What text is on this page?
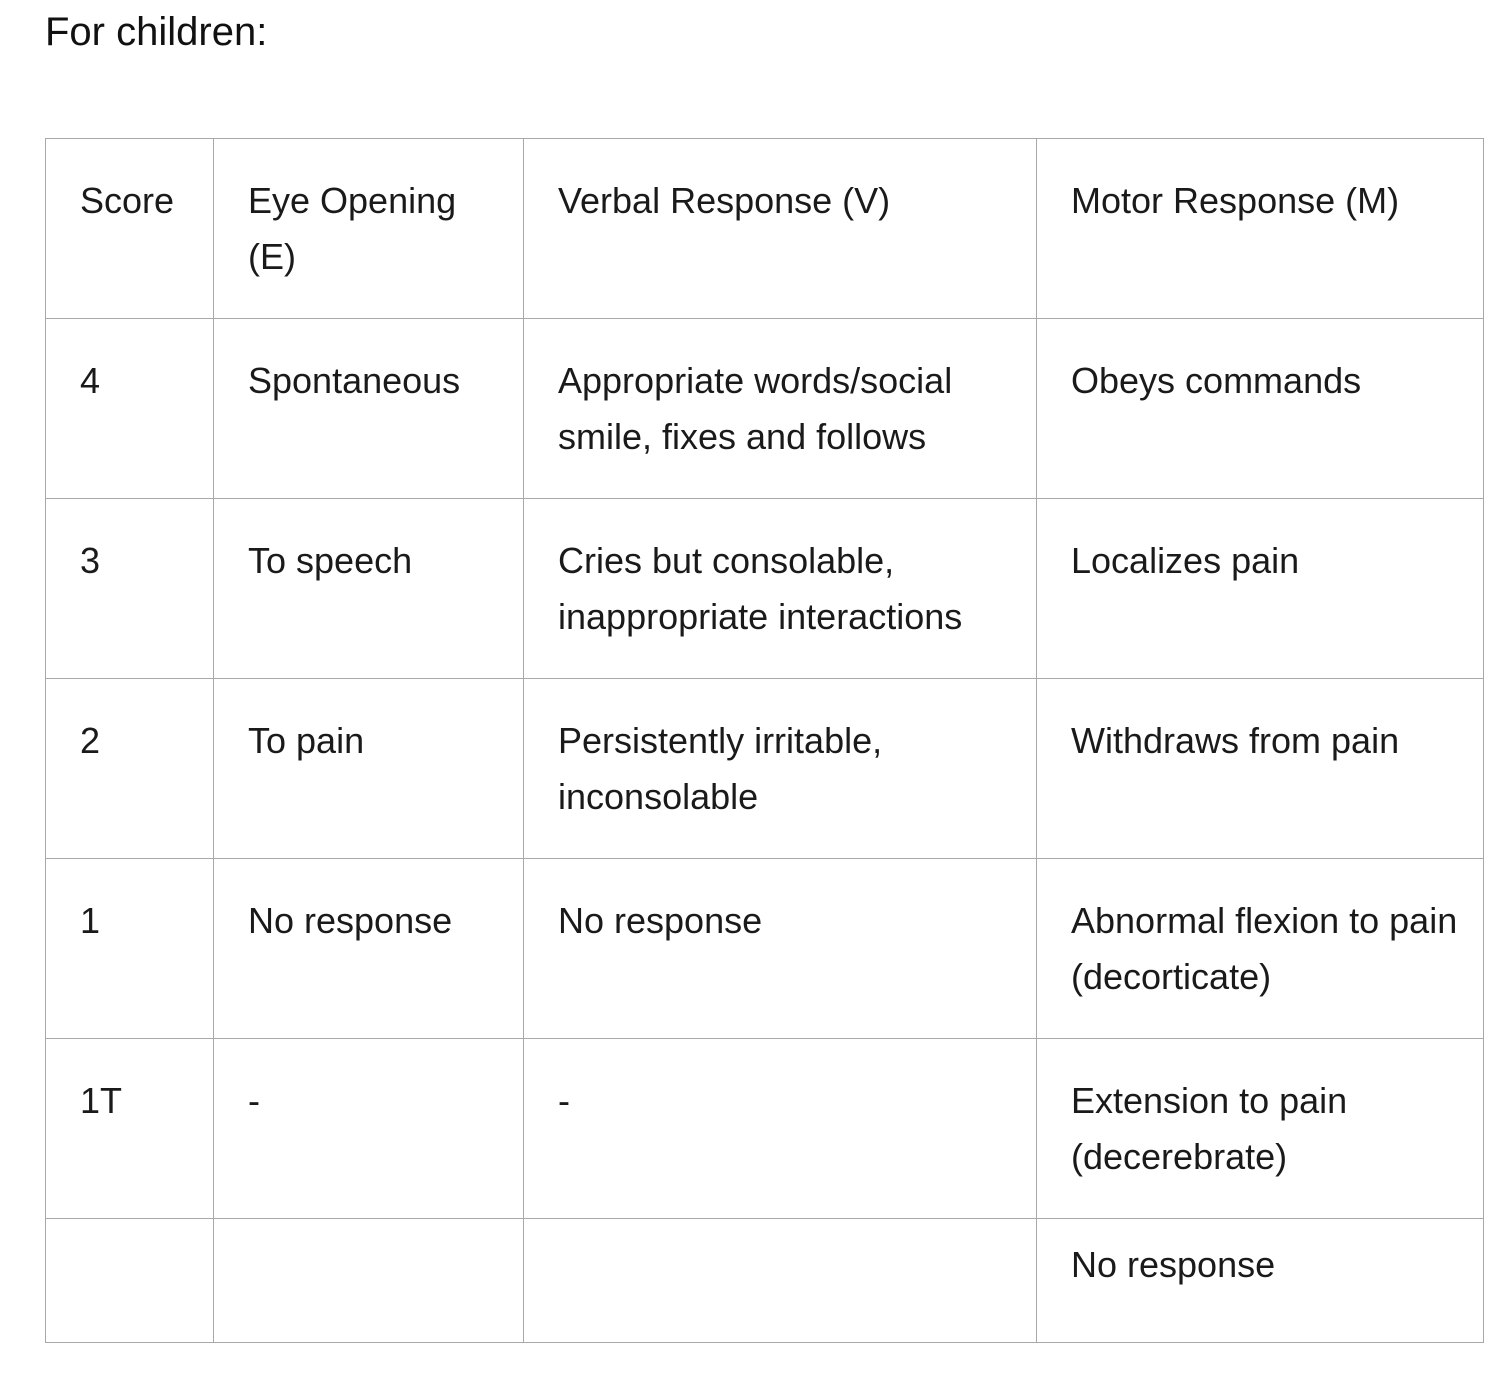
For children:
Score	Eye Opening (E)	Verbal Response (V)	Motor Response (M)
4	Spontaneous	Appropriate words/social smile, fixes and follows	Obeys commands
3	To speech	Cries but consolable, inappropriate interactions	Localizes pain
2	To pain	Persistently irritable, inconsolable	Withdraws from pain
1	No response	No response	Abnormal flexion to pain (decorticate)
1T	-	-	Extension to pain (decerebrate)
			No response
